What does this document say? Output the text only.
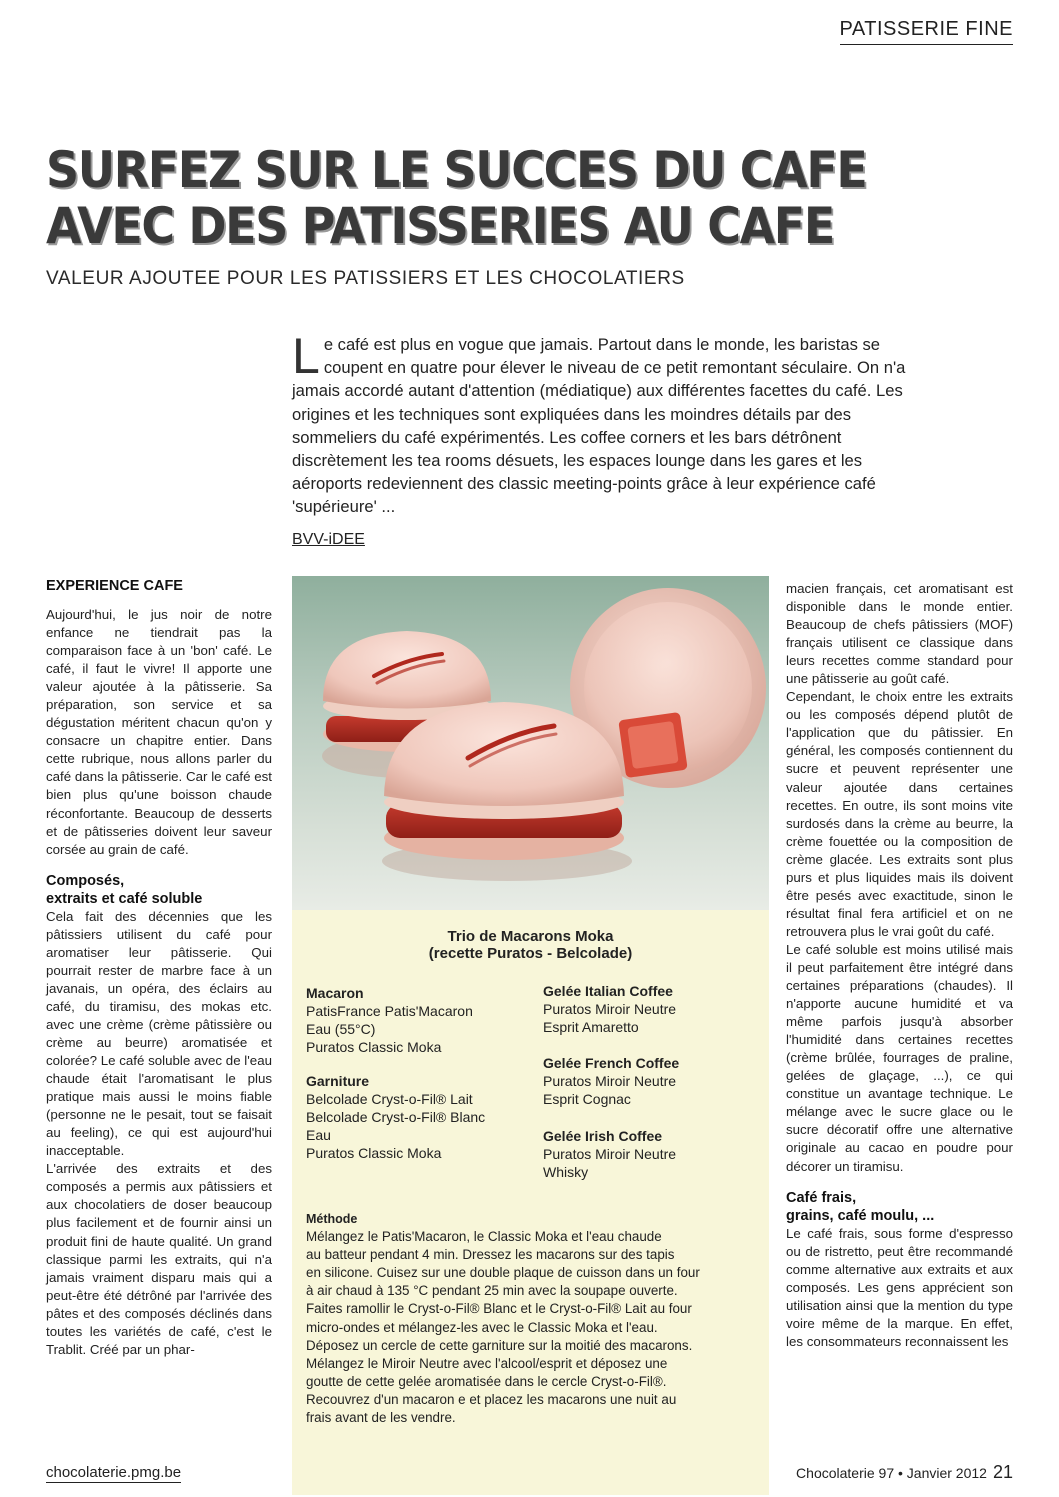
PATISSERIE FINE
SURFEZ SUR LE SUCCES DU CAFE
AVEC DES PATISSERIES AU CAFE
VALEUR AJOUTEE POUR LES PATISSIERS ET LES CHOCOLATIERS
Le café est plus en vogue que jamais. Partout dans le monde, les baristas se coupent en quatre pour élever le niveau de ce petit remontant séculaire. On n'a jamais accordé autant d'attention (médiatique) aux différentes facettes du café. Les origines et les techniques sont expliquées dans les moindres détails par des sommeliers du café expérimentés. Les coffee corners et les bars détrônent discrètement les tea rooms désuets, les espaces lounge dans les gares et les aéroports redeviennent des classic meeting-points grâce à leur expérience café 'supérieure' ...
BVV-iDEE
EXPERIENCE CAFE

Aujourd'hui, le jus noir de notre enfance ne tiendrait pas la comparaison face à un 'bon' café. Le café, il faut le vivre! Il apporte une valeur ajoutée à la pâtisserie. Sa préparation, son service et sa dégustation méritent chacun qu'on y consacre un chapitre entier. Dans cette rubrique, nous allons parler du café dans la pâtisserie. Car le café est bien plus qu'une boisson chaude réconfortante. Beaucoup de desserts et de pâtisseries doivent leur saveur corsée au grain de café.

Composés,
extraits et café soluble

Cela fait des décennies que les pâtissiers utilisent du café pour aromatiser leur pâtisserie. Qui pourrait rester de marbre face à un javanais, un opéra, des éclairs au café, du tiramisu, des mokas etc. avec une crème (crème pâtissière ou crème au beurre) aromatisée et colorée? Le café soluble avec de l'eau chaude était l'aromatisant le plus pratique mais aussi le moins fiable (personne ne le pesait, tout se faisait au feeling), ce qui est aujourd'hui inacceptable.

L'arrivée des extraits et des composés a permis aux pâtissiers et aux chocolatiers de doser beaucoup plus facilement et de fournir ainsi un produit fini de haute qualité. Un grand classique parmi les extraits, qui n'a jamais vraiment disparu mais qui a peut-être été détrôné par l'arrivée des pâtes et des composés déclinés dans toutes les variétés de café, c'est le Trablit. Créé par un phar-

Trio de Macarons Moka
(recette Puratos - Belcolade)
Macaron
PatisFrance Patis'Macaron
Eau (55°C)
Puratos Classic Moka
Garniture
Belcolade Cryst-o-Fil® Lait
Belcolade Cryst-o-Fil® Blanc
Eau
Puratos Classic Moka
Gelée Italian Coffee
Puratos Miroir Neutre
Esprit Amaretto
Gelée French Coffee
Puratos Miroir Neutre
Esprit Cognac
Gelée Irish Coffee
Puratos Miroir Neutre
Whisky
Méthode
Mélangez le Patis'Macaron, le Classic Moka et l'eau chaude
au batteur pendant 4 min. Dressez les macarons sur des tapis
en silicone. Cuisez sur une double plaque de cuisson dans un four
à air chaud à 135 °C pendant 25 min avec la soupape ouverte.
Faites ramollir le Cryst-o-Fil® Blanc et le Cryst-o-Fil® Lait au four
micro-ondes et mélangez-les avec le Classic Moka et l'eau.
Déposez un cercle de cette garniture sur la moitié des macarons.
Mélangez le Miroir Neutre avec l'alcool/esprit et déposez une
goutte de cette gelée aromatisée dans le cercle Cryst-o-Fil®.
Recouvrez d'un macaron e et placez les macarons une nuit au
frais avant de les vendre.

macien français, cet aromatisant est disponible dans le monde entier. Beaucoup de chefs pâtissiers (MOF) français utilisent ce classique dans leurs recettes comme standard pour une pâtisserie au goût café.

Cependant, le choix entre les extraits ou les composés dépend plutôt de l'application que du pâtissier. En général, les composés contiennent du sucre et peuvent représenter une valeur ajoutée dans certaines recettes. En outre, ils sont moins vite surdosés dans la crème au beurre, la crème fouettée ou la composition de crème glacée. Les extraits sont plus purs et plus liquides mais ils doivent être pesés avec exactitude, sinon le résultat final fera artificiel et on ne retrouvera plus le vrai goût du café.

Le café soluble est moins utilisé mais il peut parfaitement être intégré dans certaines préparations (chaudes). Il n'apporte aucune humidité et va même parfois jusqu'à absorber l'humidité dans certaines recettes (crème brûlée, fourrages de praline, gelées de glaçage, ...), ce qui constitue un avantage technique. Le mélange avec le sucre glace ou le sucre décoratif offre une alternative originale au cacao en poudre pour décorer un tiramisu.

Café frais,
grains, café moulu, ...

Le café frais, sous forme d'espresso ou de ristretto, peut être recommandé comme alternative aux extraits et aux composés. Les gens apprécient son utilisation ainsi que la mention du type voire même de la marque. En effet, les consommateurs reconnaissent les

chocolaterie.pmg.be	Chocolaterie 97 • Janvier 2012 21
